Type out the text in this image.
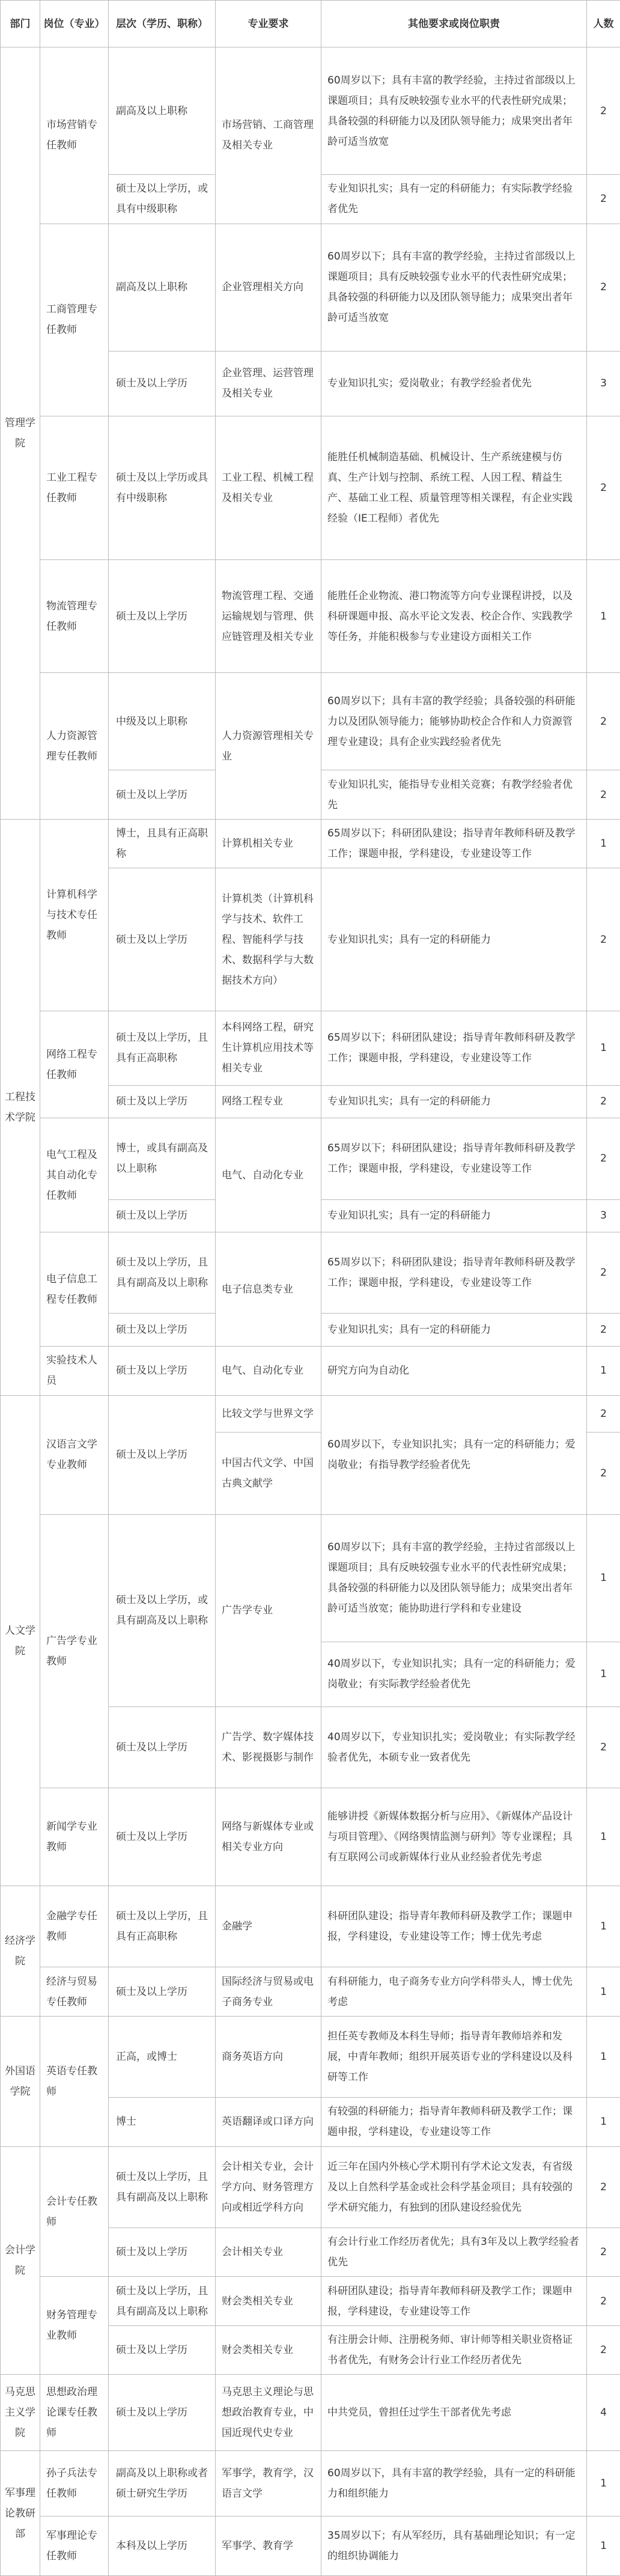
部门	岗位（专业）	层次（学历、职称）	专业要求	其他要求或岗位职责	人数
管理学院	市场营销专任教师	副高及以上职称	市场营销、工商管理及相关专业	60周岁以下；具有丰富的教学经验，主持过省部级以上课题项目；具有反映较强专业水平的代表性研究成果；具备较强的科研能力以及团队领导能力；成果突出者年龄可适当放宽	2
		硕士及以上学历，或具有中级职称		专业知识扎实；具有一定的科研能力；有实际教学经验者优先	2
	工商管理专任教师	副高及以上职称	企业管理相关方向	60周岁以下；具有丰富的教学经验，主持过省部级以上课题项目；具有反映较强专业水平的代表性研究成果；具备较强的科研能力以及团队领导能力；成果突出者年龄可适当放宽	2
		硕士及以上学历	企业管理、运营管理及相关专业	专业知识扎实；爱岗敬业；有教学经验者优先	3
	工业工程专任教师	硕士及以上学历或具有中级职称	工业工程、机械工程及相关专业	能胜任机械制造基础、机械设计、生产系统建模与仿真、生产计划与控制、系统工程、人因工程、精益生产、基础工业工程、质量管理等相关课程，有企业实践经验（IE工程师）者优先	2
	物流管理专任教师	硕士及以上学历	物流管理工程、交通运输规划与管理、供应链管理及相关专业	能胜任企业物流、港口物流等方向专业课程讲授，以及科研课题申报、高水平论文发表、校企合作、实践教学等任务，并能积极参与专业建设方面相关工作	1
	人力资源管理专任教师	中级及以上职称	人力资源管理相关专业	60周岁以下；具有丰富的教学经验；具备较强的科研能力以及团队领导能力；能够协助校企合作和人力资源管理专业建设；具有企业实践经验者优先	2
		硕士及以上学历		专业知识扎实，能指导专业相关竞赛；有教学经验者优先	2
工程技术学院	计算机科学与技术专任教师	博士，且具有正高职称	计算机相关专业	65周岁以下；科研团队建设；指导青年教师科研及教学工作；课题申报，学科建设，专业建设等工作	1
		硕士及以上学历	计算机类（计算机科学与技术、软件工程、智能科学与技术、数据科学与大数据技术方向）	专业知识扎实；具有一定的科研能力	2
	网络工程专任教师	硕士及以上学历，且具有正高职称	本科网络工程，研究生计算机应用技术等相关专业	65周岁以下；科研团队建设；指导青年教师科研及教学工作；课题申报，学科建设，专业建设等工作	1
		硕士及以上学历	网络工程专业	专业知识扎实；具有一定的科研能力	2
	电气工程及其自动化专任教师	博士，或具有副高及以上职称	电气、自动化专业	65周岁以下；科研团队建设；指导青年教师科研及教学工作；课题申报，学科建设，专业建设等工作	2
		硕士及以上学历		专业知识扎实；具有一定的科研能力	3
	电子信息工程专任教师	硕士及以上学历，且具有副高及以上职称	电子信息类专业	65周岁以下；科研团队建设；指导青年教师科研及教学工作；课题申报，学科建设，专业建设等工作	2
		硕士及以上学历		专业知识扎实；具有一定的科研能力	2
	实验技术人员	硕士及以上学历	电气、自动化专业	研究方向为自动化	1
人文学院	汉语言文学专业教师	硕士及以上学历	比较文学与世界文学	60周岁以下，专业知识扎实；具有一定的科研能力；爱岗敬业；有指导教学经验者优先	2
			中国古代文学、中国古典文献学		2
	广告学专业教师	硕士及以上学历，或具有副高及以上职称	广告学专业	60周岁以下；具有丰富的教学经验，主持过省部级以上课题项目；具有反映较强专业水平的代表性研究成果；具备较强的科研能力以及团队领导能力；成果突出者年龄可适当放宽；能协助进行学科和专业建设	1
				40周岁以下，专业知识扎实；具有一定的科研能力；爱岗敬业；有实际教学经验者优先	1
		硕士及以上学历	广告学、数字媒体技术、影视摄影与制作	40周岁以下，专业知识扎实；爱岗敬业；有实际教学经验者优先，本硕专业一致者优先	2
	新闻学专业教师	硕士及以上学历	网络与新媒体专业或相关专业方向	能够讲授《新媒体数据分析与应用》、《新媒体产品设计与项目管理》、《网络舆情监测与研判》等专业课程；具有互联网公司或新媒体行业从业经验者优先考虑	1
经济学院	金融学专任教师	硕士及以上学历，且具有正高职称	金融学	科研团队建设；指导青年教师科研及教学工作；课题申报，学科建设，专业建设等工作；博士优先考虑	1
	经济与贸易专任教师	硕士及以上学历	国际经济与贸易或电子商务专业	有科研能力，电子商务专业方向学科带头人，博士优先考虑	1
外国语学院	英语专任教师	正高，或博士	商务英语方向	担任英专教师及本科生导师；指导青年教师培养和发展，中青年教师；组织开展英语专业的学科建设以及科研等工作	1
		博士	英语翻译或口译方向	有较强的科研能力；指导青年教师科研及教学工作；课题申报，学科建设，专业建设等工作	1
会计学院	会计专任教师	硕士及以上学历，且具有副高及以上职称	会计相关专业，会计学方向、财务管理方向或相近学科方向	近三年在国内外核心学术期刊有学术论文发表，有省级及以上自然科学基金或社会科学基金项目；具有较强的学术研究能力，有独到的团队建设经验优先	2
		硕士及以上学历	会计相关专业	有会计行业工作经历者优先；具有3年及以上教学经验者优先	2
	财务管理专业教师	硕士及以上学历，且具有副高及以上职称	财会类相关专业	科研团队建设；指导青年教师科研及教学工作；课题申报，学科建设，专业建设等工作	2
		硕士及以上学历	财会类相关专业	有注册会计师、注册税务师、审计师等相关职业资格证书者优先，有财务会计行业工作经历者优先	2
马克思主义学院	思想政治理论课专任教师	硕士及以上学历	马克思主义理论与思想政治教育专业，中国近现代史专业	中共党员，曾担任过学生干部者优先考虑	4
军事理论教研部	孙子兵法专任教师	副高及以上职称或者硕士研究生学历	军事学，教育学，汉语言文学	60周岁以下，具有丰富的教学经验，具有一定的科研能力和组织能力	1
	军事理论专任教师	本科及以上学历	军事学、教育学	35周岁以下；有从军经历，具有基础理论知识；有一定的组织协调能力	1
